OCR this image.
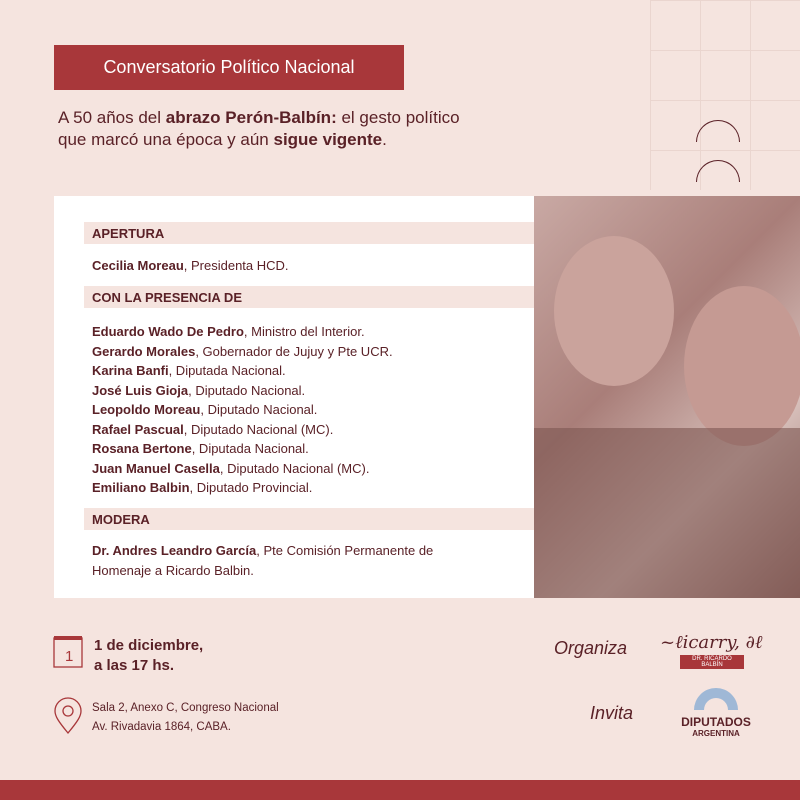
Conversatorio Político Nacional
A 50 años del abrazo Perón-Balbín: el gesto político
que marcó una época y aún sigue vigente.
APERTURA
Cecilia Moreau, Presidenta HCD.
CON LA PRESENCIA DE
Eduardo Wado De Pedro, Ministro del Interior.
Gerardo Morales, Gobernador de Jujuy y Pte UCR.
Karina Banfi, Diputada Nacional.
José Luis Gioja, Diputado Nacional.
Leopoldo Moreau, Diputado Nacional.
Rafael Pascual, Diputado Nacional (MC).
Rosana Bertone, Diputada Nacional.
Juan Manuel Casella, Diputado Nacional (MC).
Emiliano Balbin, Diputado Provincial.
MODERA
Dr. Andres Leandro García, Pte Comisión Permanente de
Homenaje a Ricardo Balbin.
1
1 de diciembre,
a las 17 hs.
Sala 2, Anexo C, Congreso Nacional
Av. Rivadavia 1864, CABA.
Organiza ~ℓicarry, ∂ℓ
DR. RICARDO BALBÍN
Invita	DIPUTADOS
ARGENTINA
